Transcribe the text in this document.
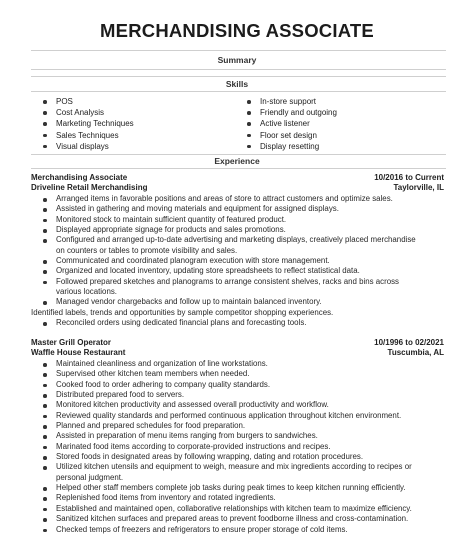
MERCHANDISING ASSOCIATE
Summary
Skills
POS
Cost Analysis
Marketing Techniques
Sales Techniques
Visual displays
In-store support
Friendly and outgoing
Active listener
Floor set design
Display resetting
Experience
Merchandising Associate	10/2016 to Current
Driveline Retail Merchandising	Taylorville, IL
Arranged items in favorable positions and areas of store to attract customers and optimize sales.
Assisted in gathering and moving materials and equipment for assigned displays.
Monitored stock to maintain sufficient quantity of featured product.
Displayed appropriate signage for products and sales promotions.
Configured and arranged up-to-date advertising and marketing displays, creatively placed merchandise
on counters or tables to promote visibility and sales.
Communicated and coordinated planogram execution with store management.
Organized and located inventory, updating store spreadsheets to reflect statistical data.
Followed prepared sketches and planograms to arrange consistent shelves, racks and bins across
various locations.
Managed vendor chargebacks and follow up to maintain balanced inventory.
Identified labels, trends and opportunities by sample competitor shopping experiences.
Reconciled orders using dedicated financial plans and forecasting tools.
Master Grill Operator	10/1996 to 02/2021
Waffle House Restaurant	Tuscumbia, AL
Maintained cleanliness and organization of line workstations.
Supervised other kitchen team members when needed.
Cooked food to order adhering to company quality standards.
Distributed prepared food to servers.
Monitored kitchen productivity and assessed overall productivity and workflow.
Reviewed quality standards and performed continuous application throughout kitchen environment.
Planned and prepared schedules for food preparation.
Assisted in preparation of menu items ranging from burgers to sandwiches.
Marinated food items according to corporate-provided instructions and recipes.
Stored foods in designated areas by following wrapping, dating and rotation procedures.
Utilized kitchen utensils and equipment to weigh, measure and mix ingredients according to recipes or
personal judgment.
Helped other staff members complete job tasks during peak times to keep kitchen running efficiently.
Replenished food items from inventory and rotated ingredients.
Established and maintained open, collaborative relationships with kitchen team to maximize efficiency.
Sanitized kitchen surfaces and prepared areas to prevent foodborne illness and cross-contamination.
Checked temps of freezers and refrigerators to ensure proper storage of cold items.
